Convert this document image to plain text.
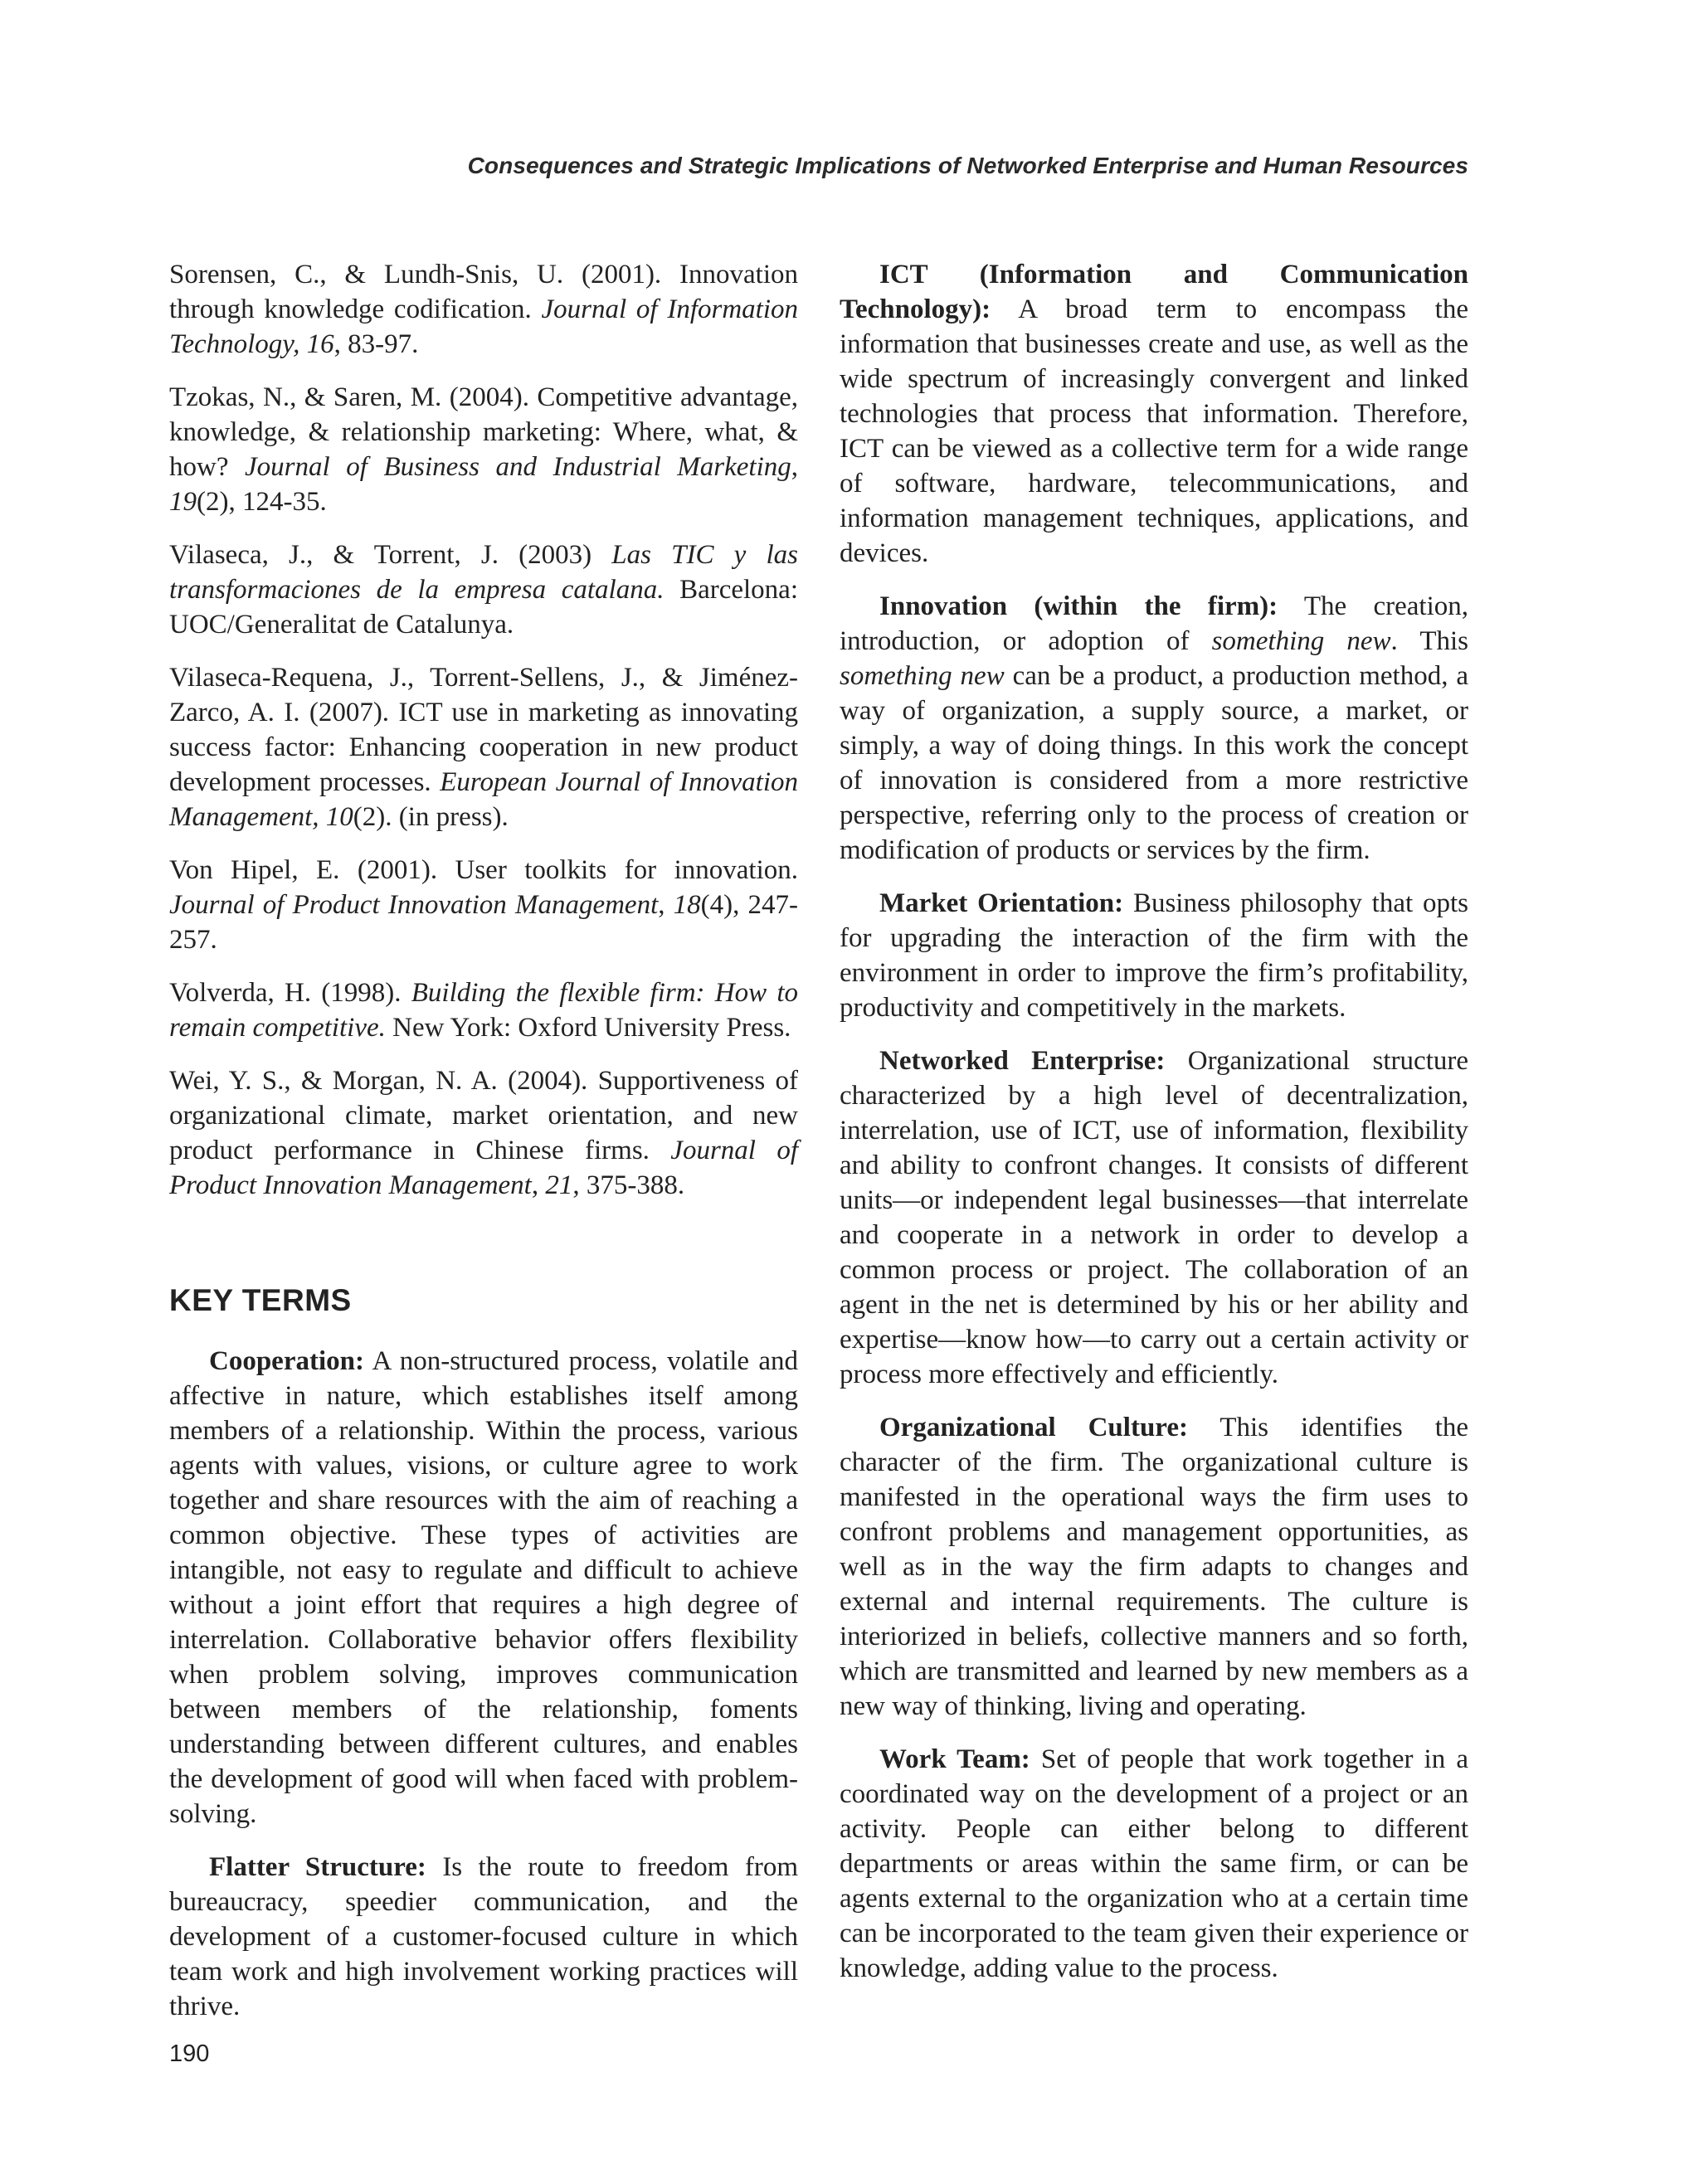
Consequences and Strategic Implications of Networked Enterprise and Human Resources

Sorensen, C., & Lundh-Snis, U. (2001). Innovation through knowledge codification. Journal of Information Technology, 16, 83-97.

Tzokas, N., & Saren, M. (2004). Competitive advantage, knowledge, & relationship marketing: Where, what, & how? Journal of Business and Industrial Marketing, 19(2), 124-35.

Vilaseca, J., & Torrent, J. (2003) Las TIC y las transformaciones de la empresa catalana. Barcelona: UOC/Generalitat de Catalunya.

Vilaseca-Requena, J., Torrent-Sellens, J., & Jiménez-Zarco, A. I. (2007). ICT use in marketing as innovating success factor: Enhancing cooperation in new product development processes. European Journal of Innovation Management, 10(2). (in press).

Von Hipel, E. (2001). User toolkits for innovation. Journal of Product Innovation Management, 18(4), 247-257.

Volverda, H. (1998). Building the flexible firm: How to remain competitive. New York: Oxford University Press.

Wei, Y. S., & Morgan, N. A. (2004). Supportiveness of organizational climate, market orientation, and new product performance in Chinese firms. Journal of Product Innovation Management, 21, 375-388.

KEY TERMS

Cooperation: A non-structured process, volatile and affective in nature, which establishes itself among members of a relationship. Within the process, various agents with values, visions, or culture agree to work together and share resources with the aim of reaching a common objective. These types of activities are intangible, not easy to regulate and difficult to achieve without a joint effort that requires a high degree of interrelation. Collaborative behavior offers flexibility when problem solving, improves communication between members of the relationship, foments understanding between different cultures, and enables the development of good will when faced with problem-solving.

Flatter Structure: Is the route to freedom from bureaucracy, speedier communication, and the development of a customer-focused culture in which team work and high involvement working practices will thrive.

ICT (Information and Communication Technology): A broad term to encompass the information that businesses create and use, as well as the wide spectrum of increasingly convergent and linked technologies that process that information. Therefore, ICT can be viewed as a collective term for a wide range of software, hardware, telecommunications, and information management techniques, applications, and devices.

Innovation (within the firm): The creation, introduction, or adoption of something new. This something new can be a product, a production method, a way of organization, a supply source, a market, or simply, a way of doing things. In this work the concept of innovation is considered from a more restrictive perspective, referring only to the process of creation or modification of products or services by the firm.

Market Orientation: Business philosophy that opts for upgrading the interaction of the firm with the environment in order to improve the firm’s profitability, productivity and competitively in the markets.

Networked Enterprise: Organizational structure characterized by a high level of decentralization, interrelation, use of ICT, use of information, flexibility and ability to confront changes. It consists of different units—or independent legal businesses—that interrelate and cooperate in a network in order to develop a common process or project. The collaboration of an agent in the net is determined by his or her ability and expertise—know how—to carry out a certain activity or process more effectively and efficiently.

Organizational Culture: This identifies the character of the firm. The organizational culture is manifested in the operational ways the firm uses to confront problems and management opportunities, as well as in the way the firm adapts to changes and external and internal requirements. The culture is interiorized in beliefs, collective manners and so forth, which are transmitted and learned by new members as a new way of thinking, living and operating.

Work Team: Set of people that work together in a coordinated way on the development of a project or an activity. People can either belong to different departments or areas within the same firm, or can be agents external to the organization who at a certain time can be incorporated to the team given their experience or knowledge, adding value to the process.

190
